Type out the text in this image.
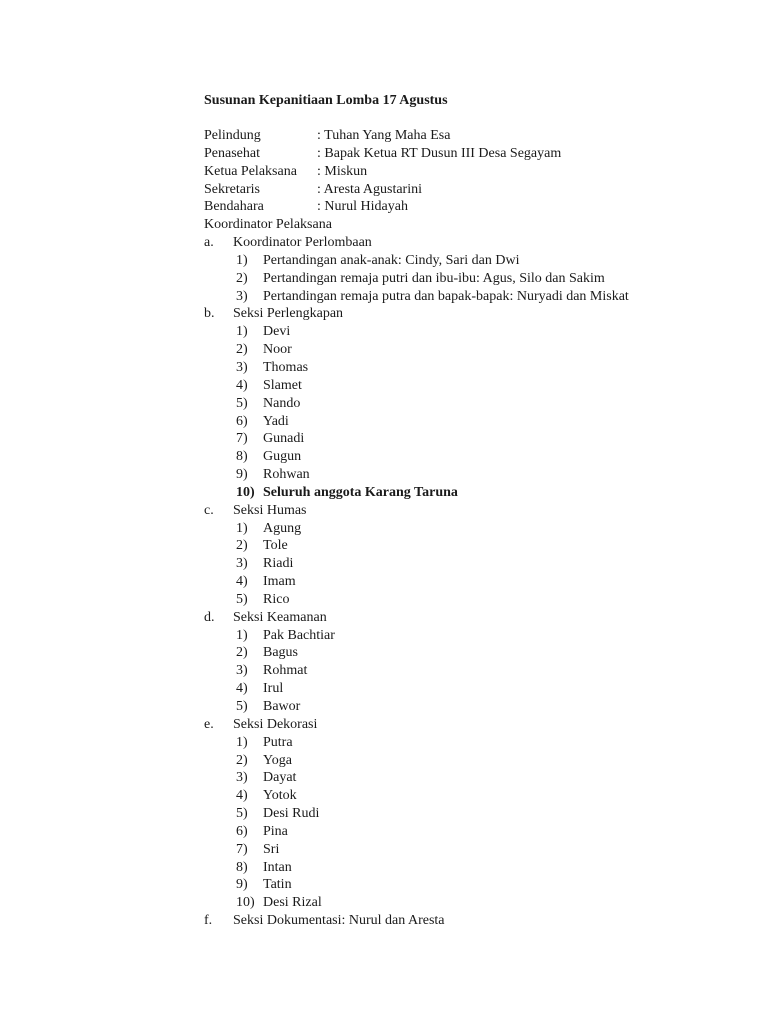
Susunan Kepanitiaan Lomba 17 Agustus
Pelindung	: Tuhan Yang Maha Esa
Penasehat	: Bapak Ketua RT Dusun III Desa Segayam
Ketua Pelaksana : Miskun
Sekretaris	: Aresta Agustarini
Bendahara	: Nurul Hidayah
Koordinator Pelaksana
a. Koordinator Perlombaan
1) Pertandingan anak-anak: Cindy, Sari dan Dwi
2) Pertandingan remaja putri dan ibu-ibu: Agus, Silo dan Sakim
3) Pertandingan remaja putra dan bapak-bapak: Nuryadi dan Miskat
b. Seksi Perlengkapan
1) Devi
2) Noor
3) Thomas
4) Slamet
5) Nando
6) Yadi
7) Gunadi
8) Gugun
9) Rohwan
10) Seluruh anggota Karang Taruna
c. Seksi Humas
1) Agung
2) Tole
3) Riadi
4) Imam
5) Rico
d. Seksi Keamanan
1) Pak Bachtiar
2) Bagus
3) Rohmat
4) Irul
5) Bawor
e. Seksi Dekorasi
1) Putra
2) Yoga
3) Dayat
4) Yotok
5) Desi Rudi
6) Pina
7) Sri
8) Intan
9) Tatin
10) Desi Rizal
f. Seksi Dokumentasi: Nurul dan Aresta
